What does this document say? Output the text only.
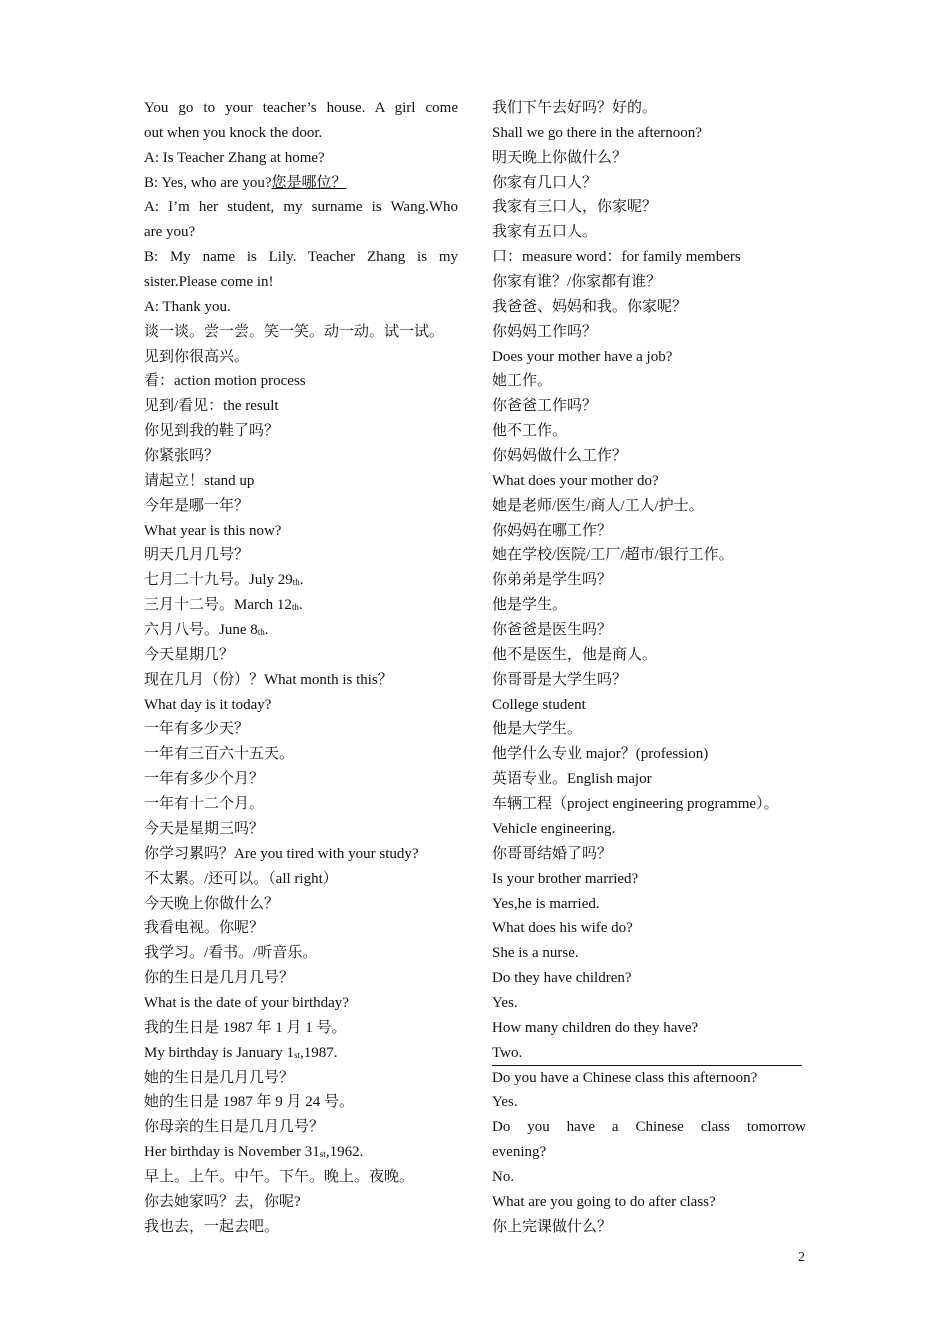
You go to your teacher’s house. A girl come
out when you knock the door.
A: Is Teacher Zhang at home?
B: Yes, who are you?您是哪位？
A: I’m her student, my surname is Wang.Who
are you?
B: My name is Lily. Teacher Zhang is my
sister.Please come in!
A: Thank you.
谈一谈。尝一尝。笑一笑。动一动。试一试。
见到你很高兴。
看：action motion process
见到/看见：the result
你见到我的鞋了吗？
你紧张吗？
请起立！stand up
今年是哪一年？
What year is this now?
明天几月几号？
七月二十九号。July $29_{th}$.
三月十二号。March $12_{th}$.
六月八号。June $8_{th}$.
今天星期几？
现在几月（份）？What month is this？
What day is it today?
一年有多少天？
一年有三百六十五天。
一年有多少个月？
一年有十二个月。
今天是星期三吗？
你学习累吗？Are you tired with your study?
不太累。/还可以。（all right）
今天晚上你做什么？
我看电视。你呢？
我学习。/看书。/听音乐。
你的生日是几月几号？
What is the date of your birthday?
我的生日是 1987 年 1 月 1 号。
My birthday is January $1_{st},1987$.
她的生日是几月几号？
她的生日是 1987 年 9 月 24 号。
你母亲的生日是几月几号？
Her birthday is November $31_{st},1962$.
早上。上午。中午。下午。晚上。夜晚。
你去她家吗？去，你呢?
我也去，一起去吧。
我们下午去好吗？好的。
Shall we go there in the afternoon?
明天晚上你做什么？
你家有几口人？
我家有三口人，你家呢？
我家有五口人。
口：measure word：for family members
你家有谁？/你家都有谁？
我爸爸、妈妈和我。你家呢？
你妈妈工作吗？
Does your mother have a job?
她工作。
你爸爸工作吗？
他不工作。
你妈妈做什么工作？
What does your mother do?
她是老师/医生/商人/工人/护士。
你妈妈在哪工作？
她在学校/医院/工厂/超市/银行工作。
你弟弟是学生吗？
他是学生。
你爸爸是医生吗？
他不是医生，他是商人。
你哥哥是大学生吗？
College student
他是大学生。
他学什么专业 major？(profession)
英语专业。English major
车辆工程（project engineering programme）。
Vehicle engineering.
你哥哥结婚了吗？
Is your brother married?
Yes,he is married.
What does his wife do?
She is a nurse.
Do they have children?
Yes.
How many children do they have?
Two.
Do you have a Chinese class this afternoon?
Yes.
Do you have a Chinese class tomorrow
evening?
No.
What are you going to do after class?
你上完课做什么？
2
